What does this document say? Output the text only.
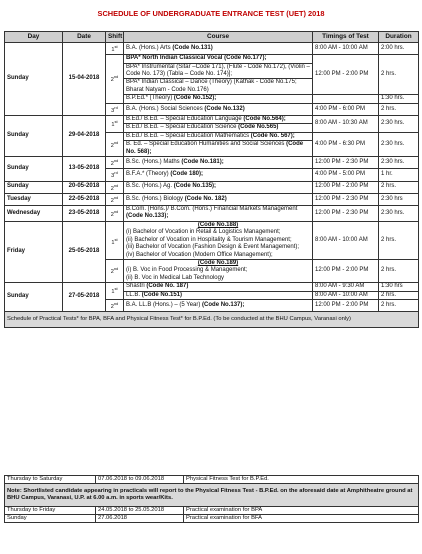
SCHEDULE OF UNDERGRADUATE ENTRANCE TEST (UET) 2018
Day	Date	Shift	Course	Timings of Test	Duration
Sunday	15-04-2018	1st	B.A. (Hons.) Arts (Code No.131)	8:00 AM - 10:00 AM	2:00 hrs.
		2nd	BPA* North Indian Classical Vocal (Code No.177);	12:00 PM - 2:00 PM	2 hrs.
			BPA* Instrumental (Sitar –Code 171), (Flute - Code No.172), (Violin – Code No. 173) (Tabla – Code No. 174)];		
			BPA* Indian Classical – Dance (Theory) (Kathak - Code No.175; Bharat Natyam - Code No.176)		
			B.P.Ed.* (Theory) (Code No.152);		1:30 hrs.
		3rd	B.A. (Hons.) Social Sciences (Code No.132)	4:00 PM - 6:00 PM	2 hrs.
Sunday	29-04-2018	1st	B.Ed./ B.Ed. – Special Education Language (Code No.564);	8:00 AM - 10:30 AM	2:30 hrs.
			B.Ed./ B.Ed. – Special Education Science (Code No.565)		
		2nd	B.Ed./ B.Ed. – Special Education Mathematics (Code No. 567);	4:00 PM - 6:30 PM	2:30 hrs.
			B. Ed. – Special Education Humanities and Social Sciences (Code No. 568);		
Sunday	13-05-2018	2nd	B.Sc. (Hons.) Maths (Code No.181);	12:00 PM - 2:30 PM	2:30 hrs.
		3rd	B.F.A.* (Theory) (Code 180);	4:00 PM - 5:00 PM	1 hr.
Sunday	20-05-2018	2nd	B.Sc. (Hons.) Ag. (Code No.135);	12:00 PM - 2:00 PM	2 hrs.
Tuesday	22-05-2018	2nd	B.Sc. (Hons.) Biology (Code No. 182)	12:00 PM - 2:30 PM	2:30 hrs
Wednesday	23-05-2018	2nd	B.Com. (Hons.)/ B.Com. (Hons.) Financial Markets Management (Code No.133);	12:00 PM - 2:30 PM	2:30 hrs.
Friday	25-05-2018	1st	(Code No.188)
(i) Bachelor of Vocation in Retail & Logistics Management;
(ii) Bachelor of Vocation in Hospitality & Tourism Management;
(iii) Bachelor of Vocation (Fashion Design & Event Management);
(iv) Bachelor of Vocation (Modern Office Management);	8:00 AM - 10:00 AM	2 hrs.
		2nd	(Code No.189)
(i) B. Voc in Food Processing & Management;
(ii) B. Voc in Medical Lab Technology	12:00 PM - 2:00 PM	2 hrs.
Sunday	27-05-2018	1st	Shastri (Code No. 187)	8:00 AM - 9:30 AM	1:30 hrs
			LL.B. (Code No.151)	8:00 AM - 10:00 AM	2 hrs.
		2nd	B.A. LL.B (Hons.) – (5 Year) (Code No.137);	12:00 PM - 2:00 PM	2 hrs.
Schedule of Practical Tests* for BPA, BFA and Physical Fitness Test* for B.P.Ed. (To be conducted at the BHU Campus, Varanasi only)					
Thursday to Saturday	07.06.2018 to 09.06.2018	Physical Fitness Test for B.P.Ed.
Note: Shortlisted candidate appearing in practicals will report to the Physical Fitness Test - B.P.Ed. on the aforesaid date at Amphitheatre ground at BHU Campus, Varanasi, U.P. at 6.00 a.m. in sports wear/Kits.		
Thursday to Friday	24.05.2018 to 25.05.2018	Practical examination for BPA
Sunday	27.06.2018	Practical examination for BFA
